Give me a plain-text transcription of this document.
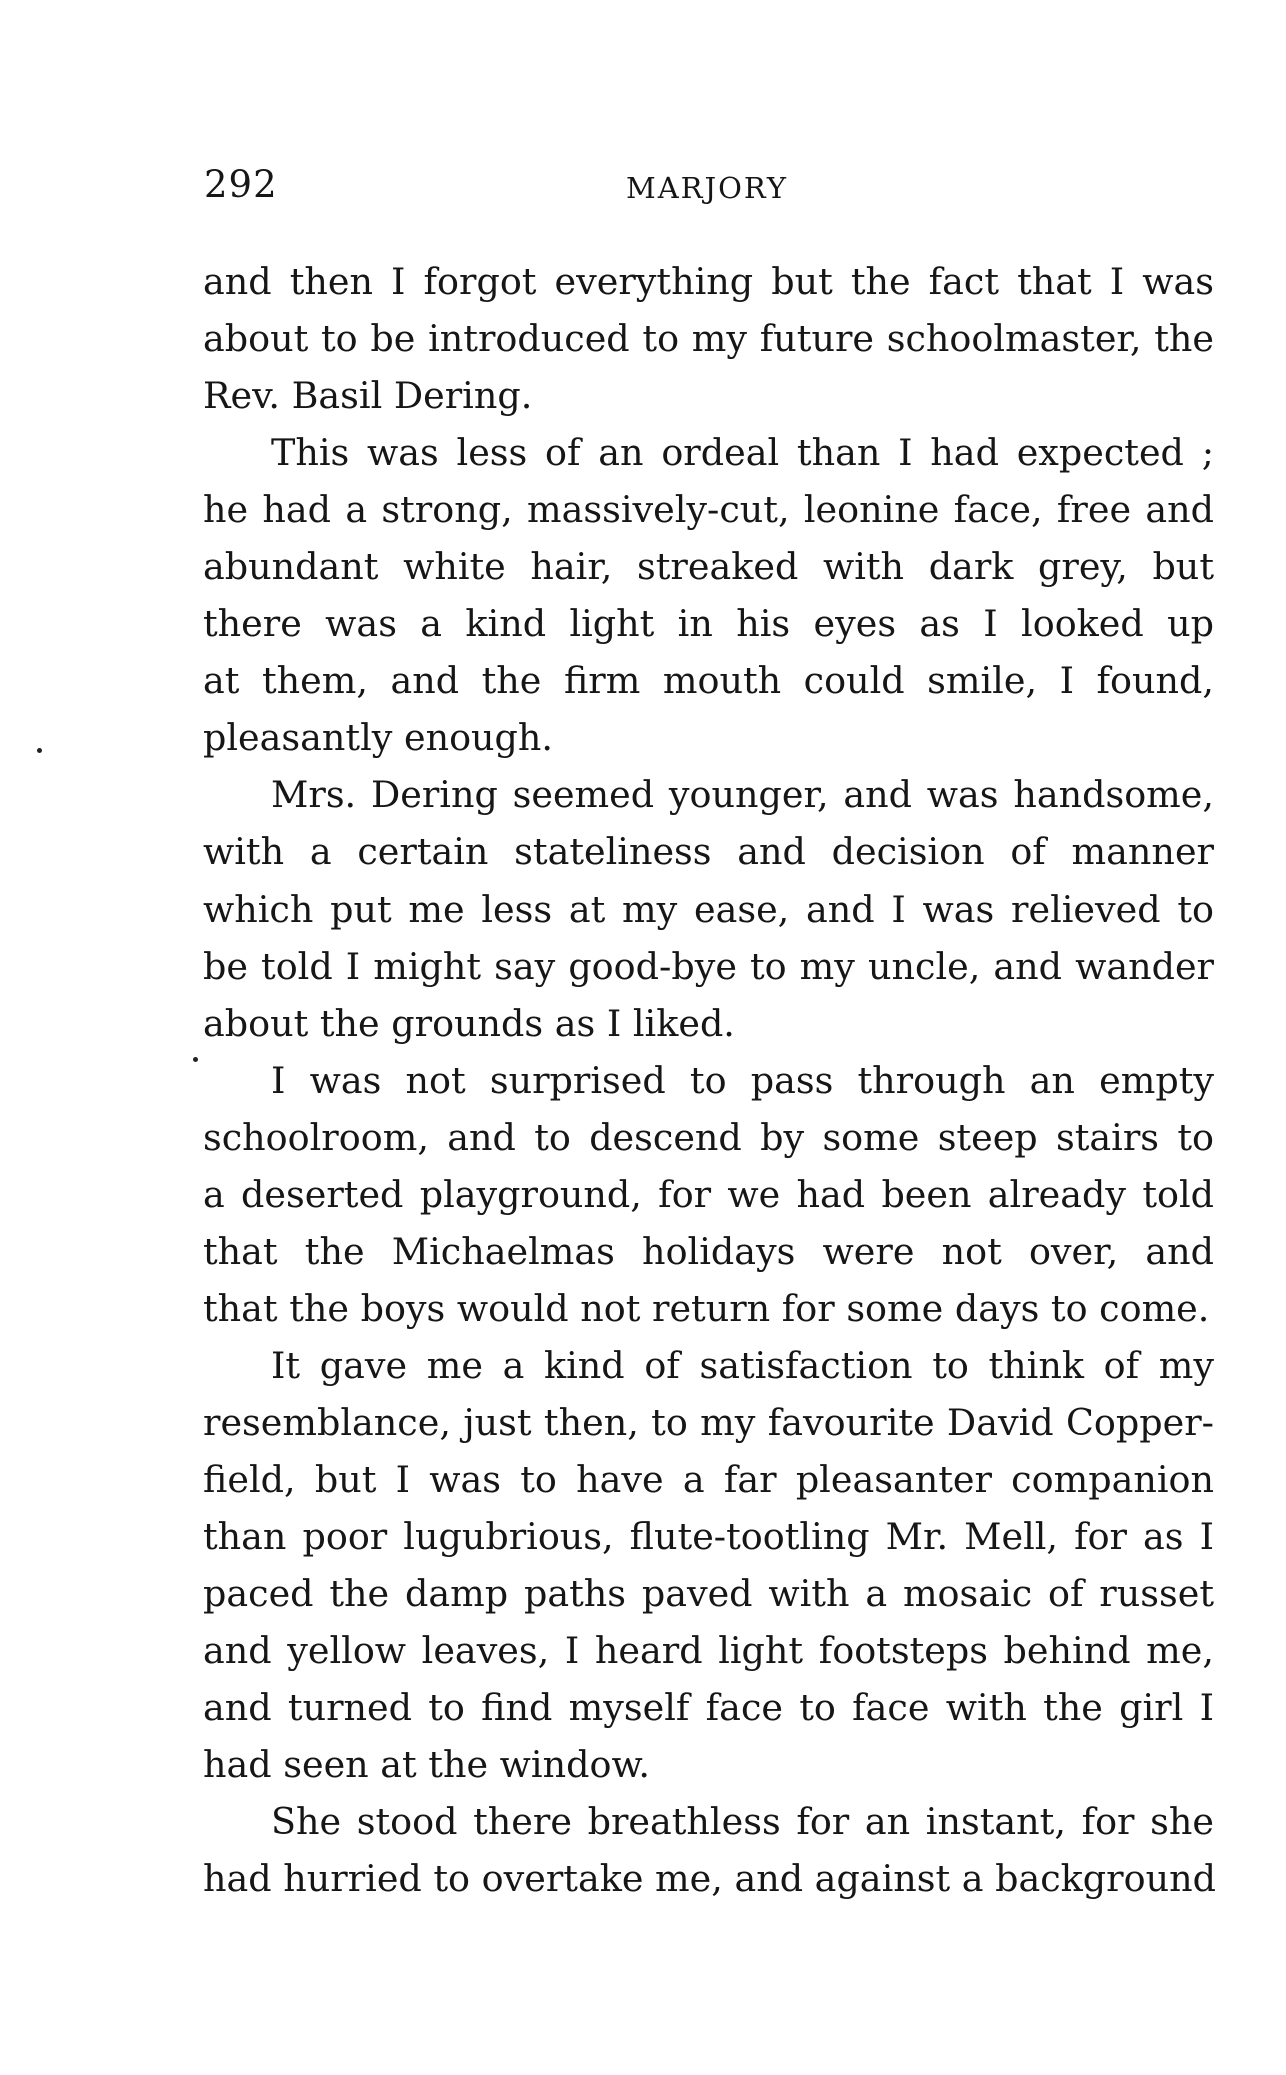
292	MARJORY
and then I forgot everything but the fact that I was
about to be introduced to my future schoolmaster, the
Rev. Basil Dering.
This was less of an ordeal than I had expected ;
he had a strong, massively-cut, leonine face, free and
abundant white hair, streaked with dark grey, but
there was a kind light in his eyes as I looked up
at them, and the firm mouth could smile, I found,
pleasantly enough.
Mrs. Dering seemed younger, and was handsome,
with a certain stateliness and decision of manner
which put me less at my ease, and I was relieved to
be told I might say good-bye to my uncle, and wander
about the grounds as I liked.
I was not surprised to pass through an empty
schoolroom, and to descend by some steep stairs to
a deserted playground, for we had been already told
that the Michaelmas holidays were not over, and
that the boys would not return for some days to come.
It gave me a kind of satisfaction to think of my
resemblance, just then, to my favourite David Copper-
field, but I was to have a far pleasanter companion
than poor lugubrious, flute-tootling Mr. Mell, for as I
paced the damp paths paved with a mosaic of russet
and yellow leaves, I heard light footsteps behind me,
and turned to find myself face to face with the girl I
had seen at the window.
She stood there breathless for an instant, for she
had hurried to overtake me, and against a background
